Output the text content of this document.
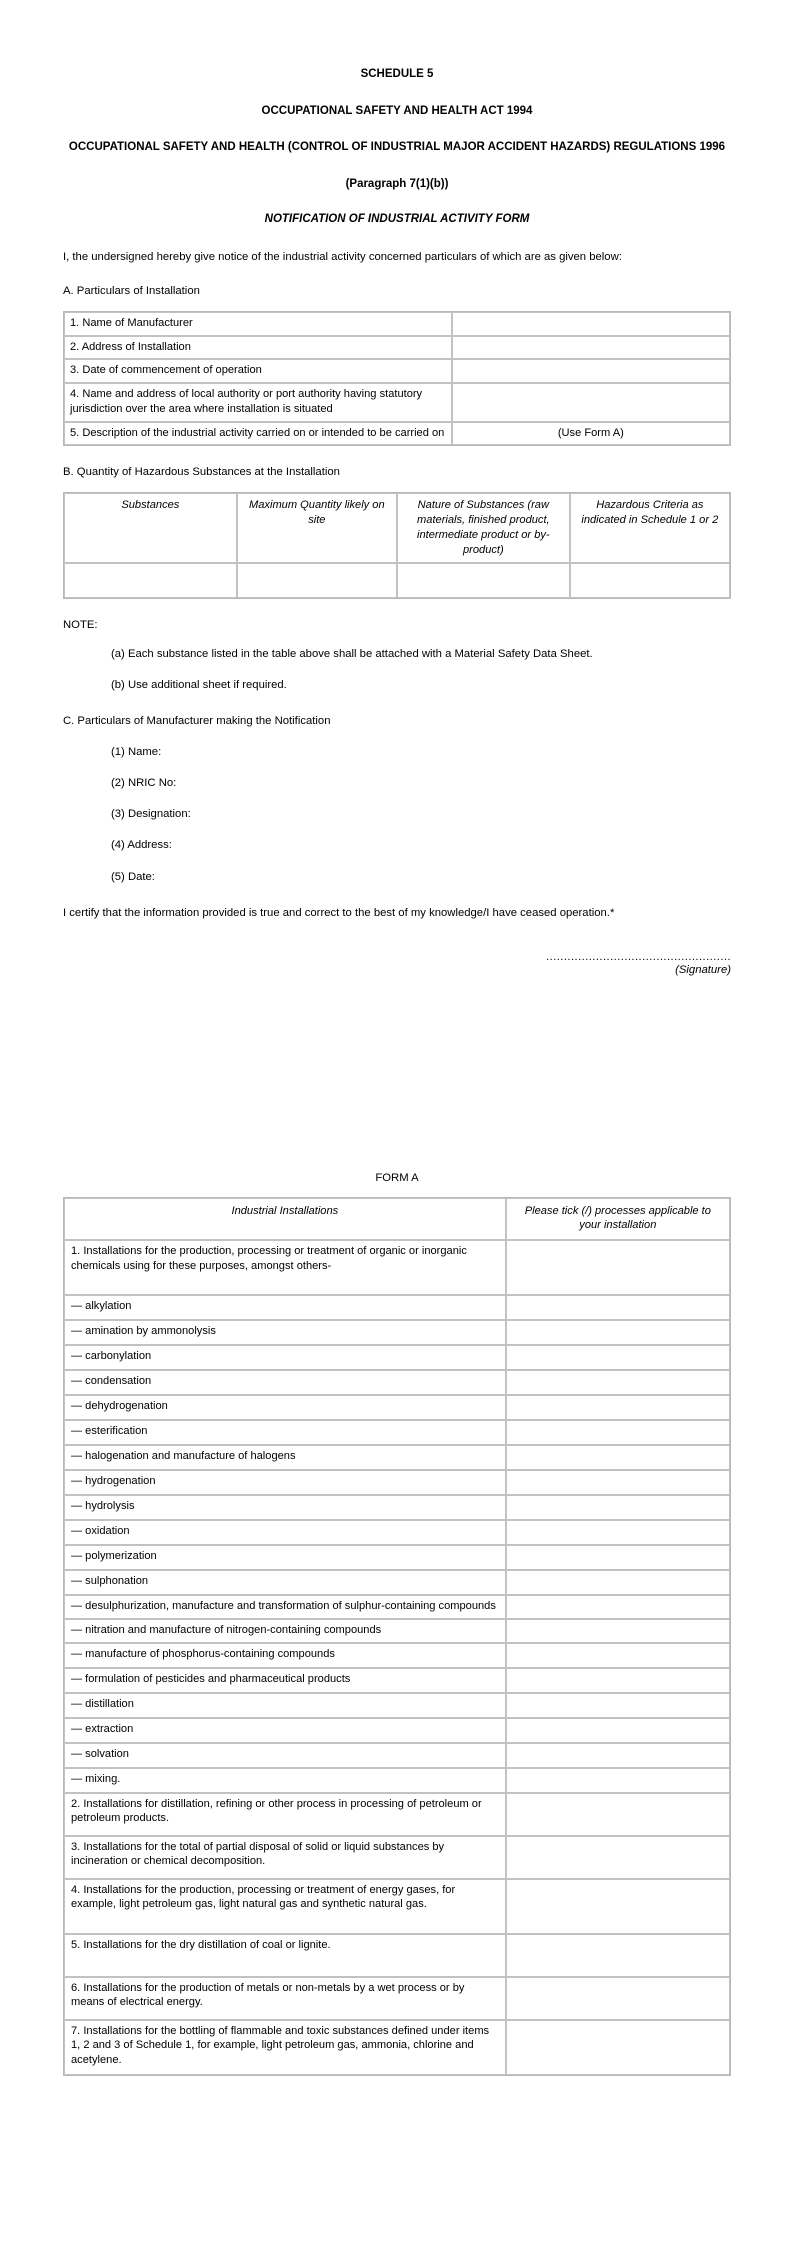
SCHEDULE 5

OCCUPATIONAL SAFETY AND HEALTH ACT 1994

OCCUPATIONAL SAFETY AND HEALTH (CONTROL OF INDUSTRIAL MAJOR ACCIDENT HAZARDS) REGULATIONS 1996

(Paragraph 7(1)(b))

NOTIFICATION OF INDUSTRIAL ACTIVITY FORM

I, the undersigned hereby give notice of the industrial activity concerned particulars of which are as given below:

A. Particulars of Installation

1. Name of Manufacturer	
2. Address of Installation	
3. Date of commencement of operation	
4. Name and address of local authority or port authority having statutory jurisdiction over the area where installation is situated	
5. Description of the industrial activity carried on or intended to be carried on	(Use Form A)

B. Quantity of Hazardous Substances at the Installation

Substances	Maximum Quantity likely on site	Nature of Substances (raw materials, finished product, intermediate product or by-product)	Hazardous Criteria as indicated in Schedule 1 or 2

NOTE:

(a) Each substance listed in the table above shall be attached with a Material Safety Data Sheet.

(b) Use additional sheet if required.

C. Particulars of Manufacturer making the Notification

(1) Name:

(2) NRIC No:

(3) Designation:

(4) Address:

(5) Date:

I certify that the information provided is true and correct to the best of my knowledge/I have ceased operation.*

....................................................

(Signature)

FORM A

Industrial Installations	Please tick (/) processes applicable to your installation
1. Installations for the production, processing or treatment of organic or inorganic chemicals using for these purposes, amongst others-	
— alkylation	
— amination by ammonolysis	
— carbonylation	
— condensation	
— dehydrogenation	
— esterification	
— halogenation and manufacture of halogens	
— hydrogenation	
— hydrolysis	
— oxidation	
— polymerization	
— sulphonation	
— desulphurization, manufacture and transformation of sulphur-containing compounds	
— nitration and manufacture of nitrogen-containing compounds	
— manufacture of phosphorus-containing compounds	
— formulation of pesticides and pharmaceutical products	
— distillation	
— extraction	
— solvation	
— mixing.	
2. Installations for distillation, refining or other process in processing of petroleum or petroleum products.	
3. Installations for the total of partial disposal of solid or liquid substances by incineration or chemical decomposition.	
4. Installations for the production, processing or treatment of energy gases, for example, light petroleum gas, light natural gas and synthetic natural gas.	
5. Installations for the dry distillation of coal or lignite.	
6. Installations for the production of metals or non-metals by a wet process or by means of electrical energy.	
7. Installations for the bottling of flammable and toxic substances defined under items 1, 2 and 3 of Schedule 1, for example, light petroleum gas, ammonia, chlorine and acetylene.	
